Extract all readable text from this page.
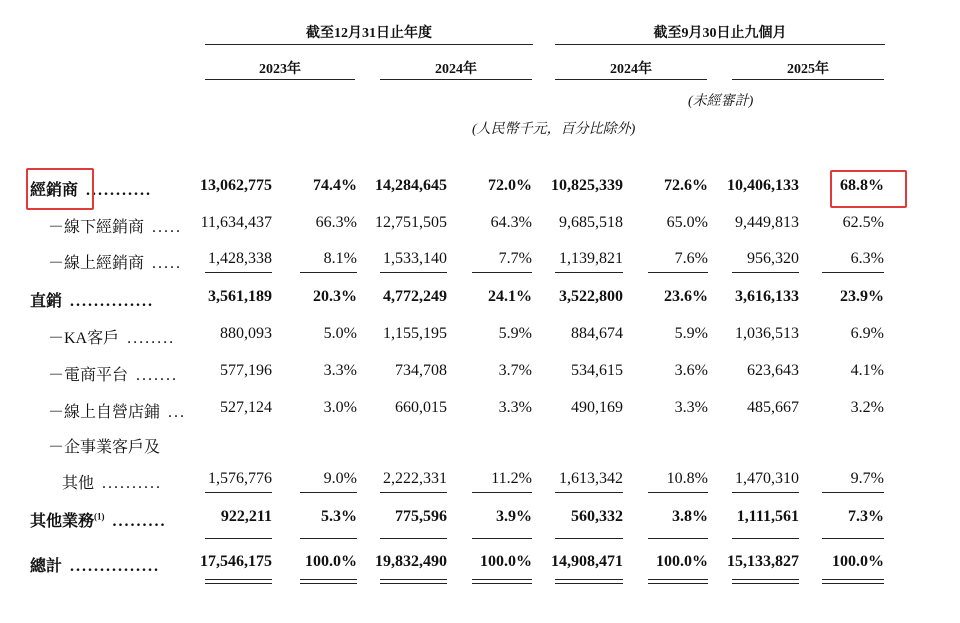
截至12月31日止年度	截至9月30日止九個月
2023年	2024年	2024年	2025年
(未經審計)
(人民幣千元，百分比除外)
經銷商 ...........	13,062,775	74.4%	14,284,645	72.0%	10,825,339	72.6%	10,406,133	68.8%
－線下經銷商 .....	11,634,437	66.3%	12,751,505	64.3%	9,685,518	65.0%	9,449,813	62.5%
－線上經銷商 .....	1,428,338	8.1%	1,533,140	7.7%	1,139,821	7.6%	956,320	6.3%
直銷 ..............	3,561,189	20.3%	4,772,249	24.1%	3,522,800	23.6%	3,616,133	23.9%
－KA客戶 ........	880,093	5.0%	1,155,195	5.9%	884,674	5.9%	1,036,513	6.9%
－電商平台 .......	577,196	3.3%	734,708	3.7%	534,615	3.6%	623,643	4.1%
－線上自營店鋪 ...	527,124	3.0%	660,015	3.3%	490,169	3.3%	485,667	3.2%
－企事業客戶及
其他 ..........	1,576,776	9.0%	2,222,331	11.2%	1,613,342	10.8%	1,470,310	9.7%
其他業務$^{(1)}$ .........	922,211	5.3%	775,596	3.9%	560,332	3.8%	1,111,561	7.3%
總計 ...............	17,546,175	100.0%	19,832,490	100.0%	14,908,471	100.0%	15,133,827	100.0%
